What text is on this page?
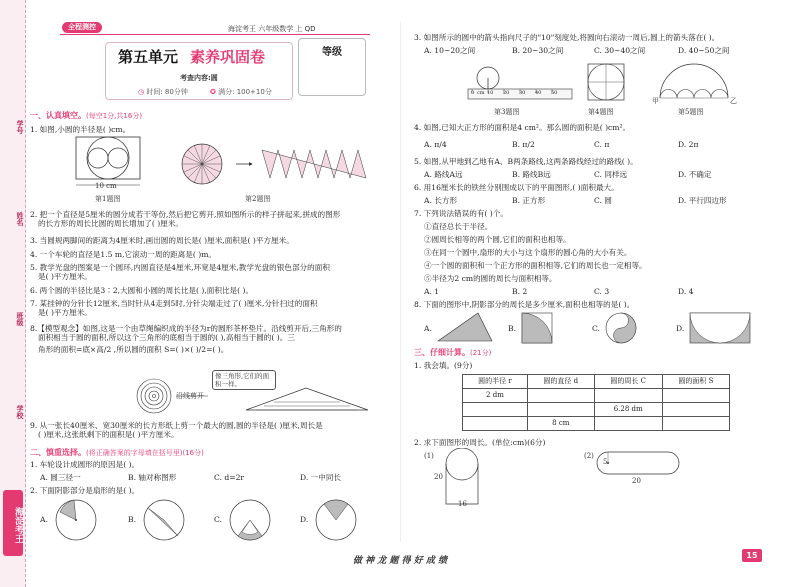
学号
姓名
班级
学校
海淀考王
全程测控	海淀考王 六年级数学 上 QD
第五单元 素养巩固卷	等级
考查内容:圆
◷ 时间: 80分钟	✪ 满分: 100+10分
一、认真填空。(每空1分,共16分)
1. 如图,小圆的半径是( )cm。
10 cm
第1题图	第2题图
2. 把一个直径是5厘米的圆分成若干等份,然后把它剪开,照如图所示的样子拼起来,拼成的图形
的长方形的周长比圆的周长增加了( )厘米。
3. 当圆规两脚间的距离为4厘米时,画出圆的周长是( )厘米,面积是( )平方厘米。
4. 一个车轮的直径是1.5 m,它滚动一周的距离是( )m。
5. 教学光盘的图案是一个圆环,内圆直径是4厘米,环宽是4厘米,教学光盘的银色部分的面积
是( )平方厘米。
6. 两个圆的半径比是3∶2,大圆和小圆的周长比是( ),面积比是( )。
7. 某挂钟的分针长12厘米,当时针从4走到5时,分针尖端走过了( )厘米,分针扫过的面积
是( )平方厘米。
8.【模型观念】如图,这是一个由草绳编织成的半径为r的圆形茶杯垫片。沿线剪开后,三角形的
面积相当于圆的面积,所以这个三角形的底相当于圆的( ),高相当于圆的( )。三
角形的面积=底×高/2 ,所以圆的面积 S=( )×( )/2=( )。
沿线剪开
像三角形,它们的面积一样。
9. 从一张长40厘米、宽30厘米的长方形纸上剪一个最大的圆,圆的半径是( )厘米,周长是
( )厘米,这张纸剩下的面积是( )平方厘米。
二、慎重选择。(将正确答案的字母填在括号里)(16分)
1. 车轮设计成圆形的原因是( )。
A. 圆三径一	B. 轴对称图形	C. d=2r	D. 一中同长
2. 下面阴影部分是扇形的是( )。
A.	B.	C.	D.
3. 如图所示的圆中的箭头指向尺子的"10"刻度处,将圆向右滚动一周后,圆上的箭头落在( )。
A. 10~20之间	B. 20~30之间	C. 30~40之间	D. 40~50之间
0 cm 10 20 30 40 50
第3题图	第4题图
甲	乙
第5题图
4. 如图,已知大正方形的面积是4 cm²。那么圆的面积是( )cm²。
A. π/4	B. π/2	C. π	D. 2π
5. 如图,从甲地到乙地有A、B两条路线,这两条路线经过的路线( )。
A. 路线A远	B. 路线B远	C. 同样远	D. 不确定
6. 用16厘米长的铁丝分别围成以下的平面图形,( )面积最大。
A. 长方形	B. 正方形	C. 圆	D. 平行四边形
7. 下列说法错误的有( )个。
①直径总长于半径。
②圆周长相等的两个圆,它们的面积也相等。
③在同一个圆中,扇形的大小与这个扇形的圆心角的大小有关。
④一个圆的面积和一个正方形的面积相等,它们的周长也一定相等。
⑤半径为2 cm的圆的周长与面积相等。
A. 1	B. 2	C. 3	D. 4
8. 下面的图形中,阴影部分的周长是多少厘米,面积也相等的是( )。
A.	B.	C.	D.
三、仔细计算。(21分)
1. 我会填。(9分)
圆的半径 r	圆的直径 d	圆的周长 C	圆的面积 S
2 dm			
		6.28 dm	
	8 cm		
2. 求下面图形的周长。(单位:cm)(6分)
(1)
20
16
(2)
5
20
做 神 龙 题 得 好 成 绩
15
